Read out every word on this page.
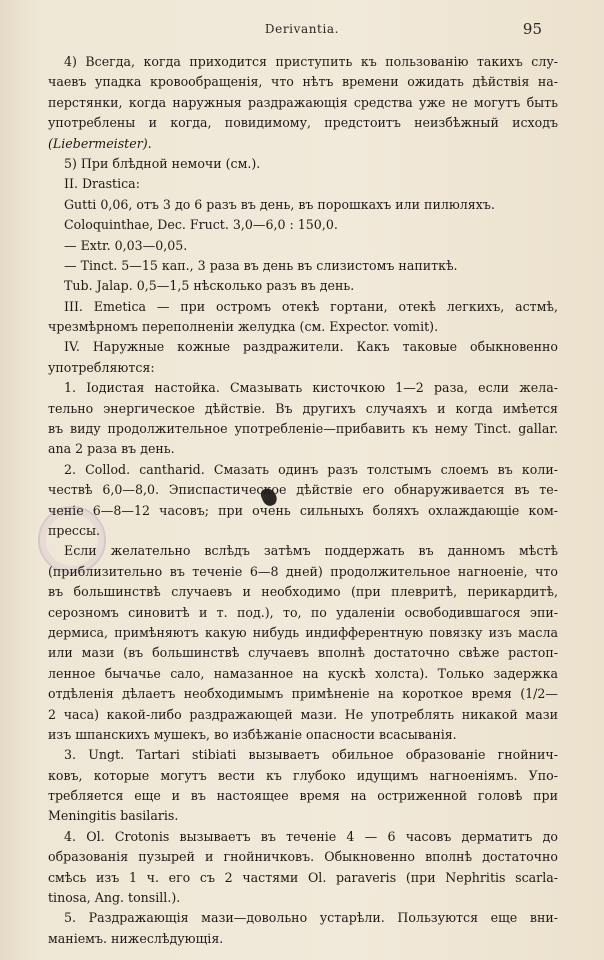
Derivantia.	95
4) Всегда, когда приходится приступить къ пользованію такихъ слу-
чаевъ упадка кровообращенія, что нѣтъ времени ожидать дѣйствія на-
перстянки, когда наружныя раздражающія средства уже не могутъ быть
употреблены и когда, повидимому, предстоитъ неизбѣжный исходъ
(Liebermeister).
5) При блѣдной немочи (см.).
II. Drastica:
Gutti 0,06, отъ 3 до 6 разъ въ день, въ порошкахъ или пилюляхъ.
Coloquinthae, Dec. Fruct. 3,0—6,0 : 150,0.
— Extr. 0,03—0,05.
— Tinct. 5—15 кап., 3 раза въ день въ слизистомъ напиткѣ.
Tub. Jalap. 0,5—1,5 нѣсколько разъ въ день.
III. Emetica — при остромъ отекѣ гортани, отекѣ легкихъ, астмѣ,
чрезмѣрномъ переполненіи желудка (см. Expector. vomit).
IV. Наружные кожные раздражители. Какъ таковые обыкновенно
употребляются:
1. Іодистая настойка. Смазывать кисточкою 1—2 раза, если жела-
тельно энергическое дѣйствіе. Въ другихъ случаяхъ и когда имѣется
въ виду продолжительное употребленіе—прибавить къ нему Tinct. gallar.
ana 2 раза въ день.
2. Collod. cantharid. Смазать одинъ разъ толстымъ слоемъ въ коли-
чествѣ 6,0—8,0. Эписпастическое дѣйствіе его обнаруживается въ те-
ченіе 6—8—12 часовъ; при очень сильныхъ боляхъ охлаждающіе ком-
прессы.
Если желательно вслѣдъ затѣмъ поддержать въ данномъ мѣстѣ
(приблизительно въ теченіе 6—8 дней) продолжительное нагноеніе, что
въ большинствѣ случаевъ и необходимо (при плевритѣ, перикардитѣ,
серозномъ синовитѣ и т. под.), то, по удаленіи освободившагося эпи-
дермиса, примѣняютъ какую нибудь индифферентную повязку изъ масла
или мази (въ большинствѣ случаевъ вполнѣ достаточно свѣже растоп-
ленное бычачье сало, намазанное на кускѣ холста). Только задержка
отдѣленія дѣлаетъ необходимымъ примѣненіе на короткое время (1/2—
2 часа) какой-либо раздражающей мази. Не употреблять никакой мази
изъ шпанскихъ мушекъ, во избѣжаніе опасности всасыванія.
3. Ungt. Tartari stibiati вызываетъ обильное образованіе гнойнич-
ковъ, которые могутъ вести къ глубоко идущимъ нагноеніямъ. Упо-
требляется еще и въ настоящее время на остриженной головѣ при
Meningitis basilaris.
4. Ol. Crotonis вызываетъ въ теченіе 4 — 6 часовъ дерматитъ до
образованія пузырей и гнойничковъ. Обыкновенно вполнѣ достаточно
смѣсь изъ 1 ч. его съ 2 частями Ol. paraveris (при Nephritis scarla-
tinosa, Ang. tonsill.).
5. Раздражающія мази—довольно устарѣли. Пользуются еще вни-
маніемъ. нижеслѣдующія.
